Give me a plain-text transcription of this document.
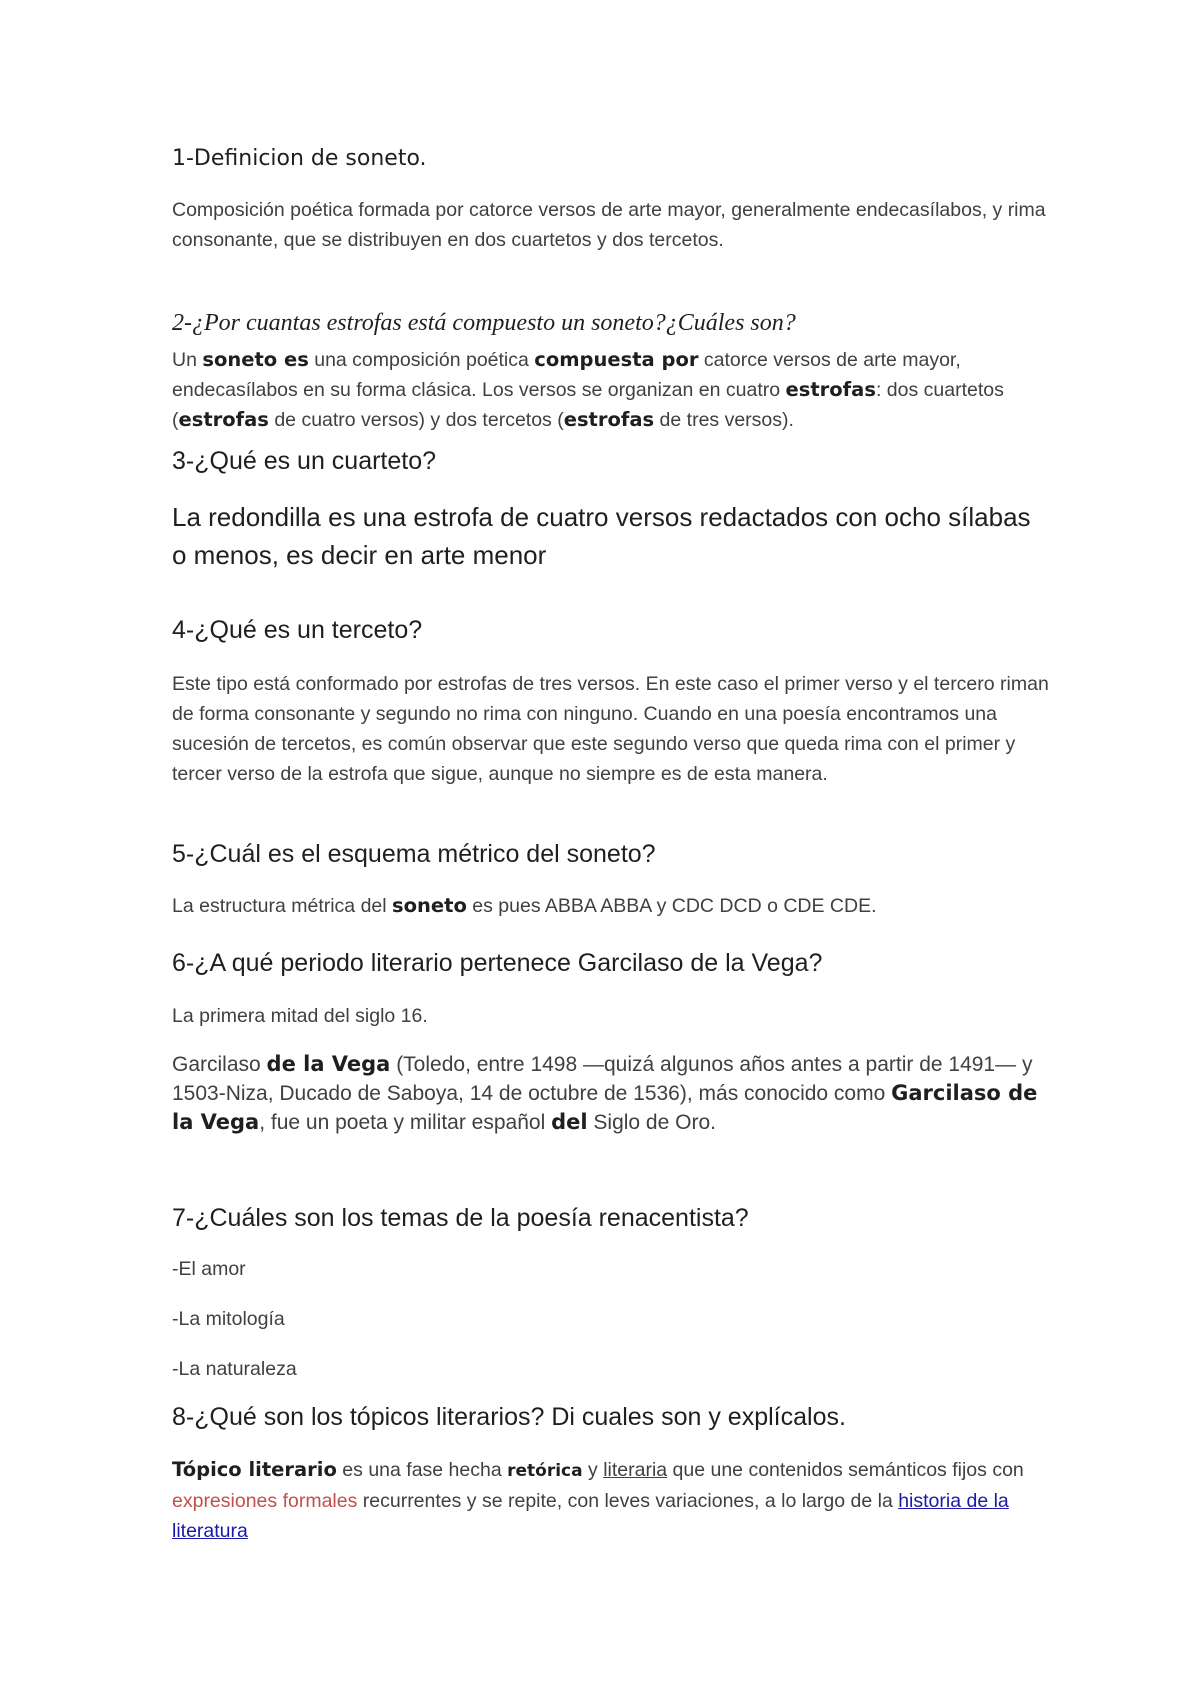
1-Definicion de soneto.

Composición poética formada por catorce versos de arte mayor, generalmente endecasílabos, y rima consonante, que se distribuyen en dos cuartetos y dos tercetos.

2-¿Por cuantas estrofas está compuesto un soneto?¿Cuáles son?

Un soneto es una composición poética compuesta por catorce versos de arte mayor, endecasílabos en su forma clásica. Los versos se organizan en cuatro estrofas: dos cuartetos (estrofas de cuatro versos) y dos tercetos (estrofas de tres versos).

3-¿Qué es un cuarteto?

La redondilla es una estrofa de cuatro versos redactados con ocho sílabas o menos, es decir en arte menor

4-¿Qué es un terceto?

Este tipo está conformado por estrofas de tres versos. En este caso el primer verso y el tercero riman de forma consonante y segundo no rima con ninguno. Cuando en una poesía encontramos una sucesión de tercetos, es común observar que este segundo verso que queda rima con el primer y tercer verso de la estrofa que sigue, aunque no siempre es de esta manera.

5-¿Cuál es el esquema métrico del soneto?

La estructura métrica del soneto es pues ABBA ABBA y CDC DCD o CDE CDE.

6-¿A qué periodo literario pertenece Garcilaso de la Vega?

La primera mitad del siglo 16.

Garcilaso de la Vega (Toledo, entre 1498 —quizá algunos años antes a partir de 1491— y 1503-Niza, Ducado de Saboya, 14 de octubre de 1536), más conocido como Garcilaso de la Vega, fue un poeta y militar español del Siglo de Oro.

7-¿Cuáles son los temas de la poesía renacentista?

-El amor

-La mitología

-La naturaleza

8-¿Qué son los tópicos literarios? Di cuales son y explícalos.

Tópico literario es una fase hecha retórica y literaria que une contenidos semánticos fijos con expresiones formales recurrentes y se repite, con leves variaciones, a lo largo de la historia de la literatura
